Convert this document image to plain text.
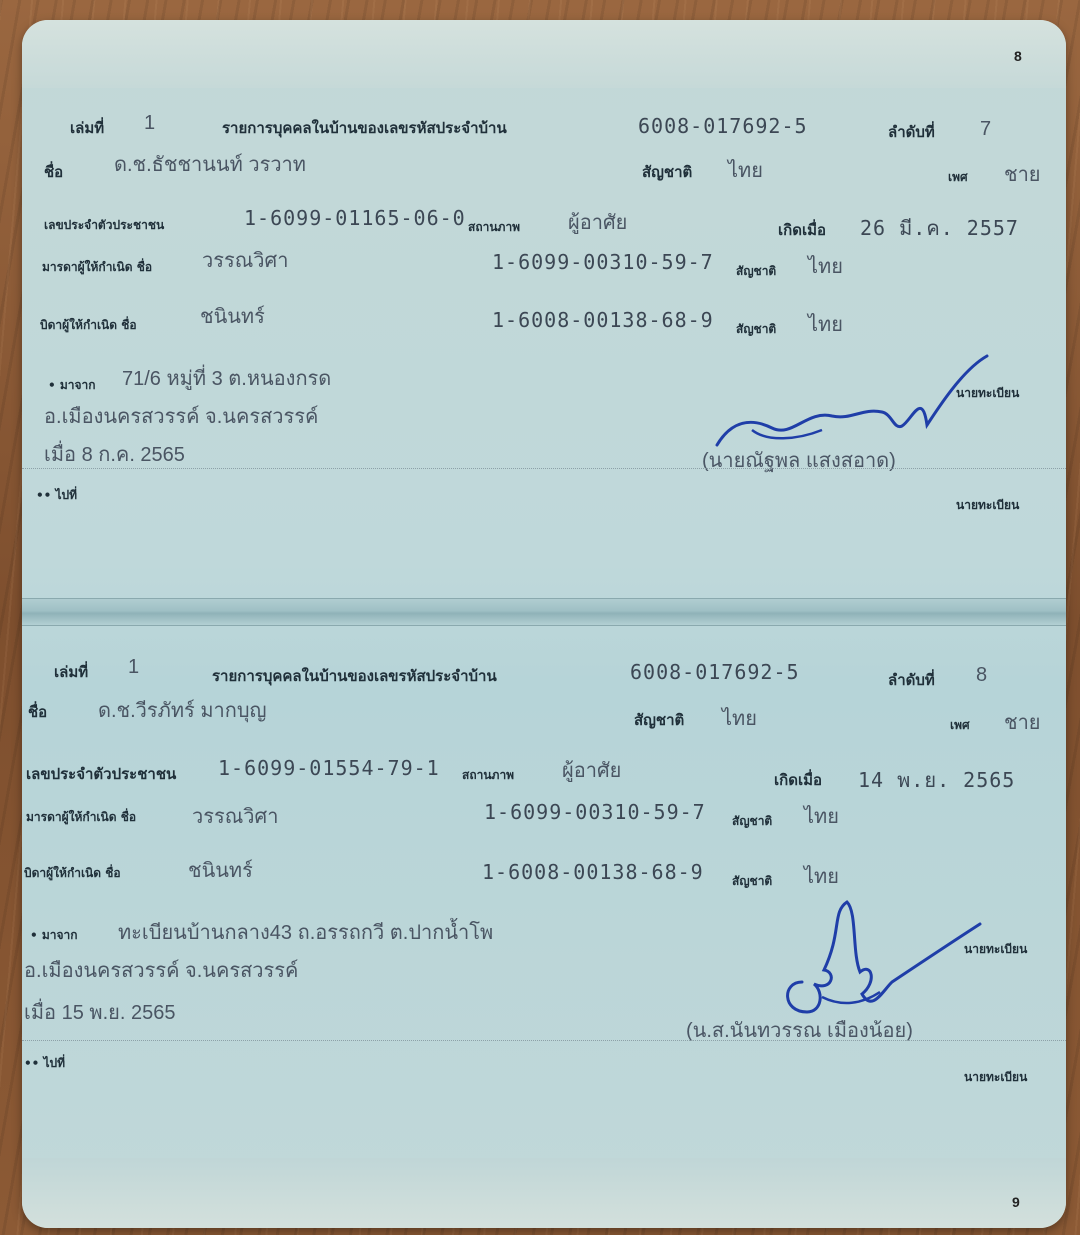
8
เล่มที่ 1	รายการบุคคลในบ้านของเลขรหัสประจำบ้าน	6008-017692-5	ลำดับที่ 7
ชื่อ	ด.ช.ธัชชานนท์ วรวาท	สัญชาติ ไทย	เพศ ชาย
เลขประจำตัวประชาชน	1-6099-01165-06-0 สถานภาพ ผู้อาศัย	เกิดเมื่อ 26 มี.ค. 2557
มารดาผู้ให้กำเนิด ชื่อ วรรณวิศา	1-6099-00310-59-7 สัญชาติ ไทย
บิดาผู้ให้กำเนิด ชื่อ	ชนินทร์	1-6008-00138-68-9 สัญชาติ ไทย
• มาจาก 71/6 หมู่ที่ 3 ต.หนองกรด
อ.เมืองนครสวรรค์ จ.นครสวรรค์
เมื่อ 8 ก.ค. 2565
นายทะเบียน
(นายณัฐพล แสงสอาด)
•• ไปที่
นายทะเบียน
เล่มที่ 1	รายการบุคคลในบ้านของเลขรหัสประจำบ้าน	6008-017692-5	ลำดับที่ 8
ชื่อ	ด.ช.วีรภัทร์ มากบุญ	สัญชาติ ไทย	เพศ ชาย
เลขประจำตัวประชาชน 1-6099-01554-79-1 สถานภาพ ผู้อาศัย	เกิดเมื่อ 14 พ.ย. 2565
มารดาผู้ให้กำเนิด ชื่อ	วรรณวิศา	1-6099-00310-59-7 สัญชาติ ไทย
บิดาผู้ให้กำเนิด ชื่อ	ชนินทร์	1-6008-00138-68-9 สัญชาติ ไทย
• มาจาก ทะเบียนบ้านกลาง43 ถ.อรรถกวี ต.ปากน้ำโพ
อ.เมืองนครสวรรค์ จ.นครสวรรค์
เมื่อ 15 พ.ย. 2565
นายทะเบียน
(น.ส.นันทวรรณ เมืองน้อย)
•• ไปที่
นายทะเบียน
9
